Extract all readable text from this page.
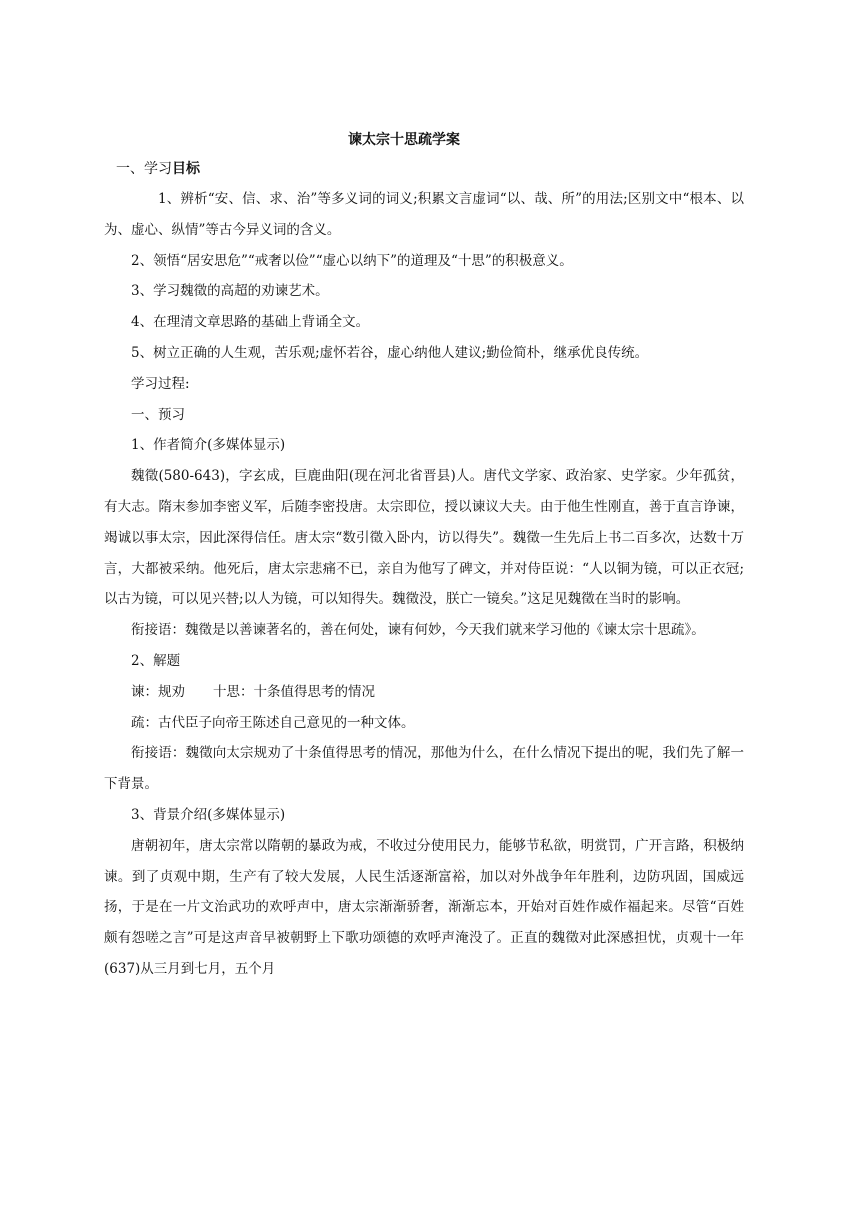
谏太宗十思疏学案
一、学习目标

1、辨析“安、信、求、治”等多义词的词义;积累文言虚词“以、哉、所”的用法;区别文中“根本、以为、虚心、纵情”等古今异义词的含义。

2、领悟“居安思危”“戒奢以俭”“虚心以纳下”的道理及“十思”的积极意义。

3、学习魏徵的高超的劝谏艺术。

4、在理清文章思路的基础上背诵全文。

5、树立正确的人生观，苦乐观;虚怀若谷，虚心纳他人建议;勤俭简朴，继承优良传统。

学习过程:

一、预习

1、作者简介(多媒体显示)

魏徵(580-643)，字玄成，巨鹿曲阳(现在河北省晋县)人。唐代文学家、政治家、史学家。少年孤贫，有大志。隋末参加李密义军，后随李密投唐。太宗即位，授以谏议大夫。由于他生性刚直，善于直言诤谏，竭诚以事太宗，因此深得信任。唐太宗“数引徵入卧内，访以得失”。魏徵一生先后上书二百多次，达数十万言，大都被采纳。他死后，唐太宗悲痛不已，亲自为他写了碑文，并对侍臣说：“人以铜为镜，可以正衣冠;以古为镜，可以见兴替;以人为镜，可以知得失。魏徵没，朕亡一镜矣。”这足见魏徵在当时的影响。

衔接语：魏徵是以善谏著名的，善在何处，谏有何妙，今天我们就来学习他的《谏太宗十思疏》。

2、解题

谏：规劝 十思：十条值得思考的情况

疏：古代臣子向帝王陈述自己意见的一种文体。

衔接语：魏徵向太宗规劝了十条值得思考的情况，那他为什么，在什么情况下提出的呢，我们先了解一下背景。

3、背景介绍(多媒体显示)

唐朝初年，唐太宗常以隋朝的暴政为戒，不收过分使用民力，能够节私欲，明赏罚，广开言路，积极纳谏。到了贞观中期，生产有了较大发展，人民生活逐渐富裕，加以对外战争年年胜利，边防巩固，国威远扬，于是在一片文治武功的欢呼声中，唐太宗渐渐骄奢，渐渐忘本，开始对百姓作威作福起来。尽管“百姓颇有怨嗟之言”可是这声音早被朝野上下歌功颂德的欢呼声淹没了。正直的魏徵对此深感担忧，贞观十一年(637)从三月到七月，五个月
